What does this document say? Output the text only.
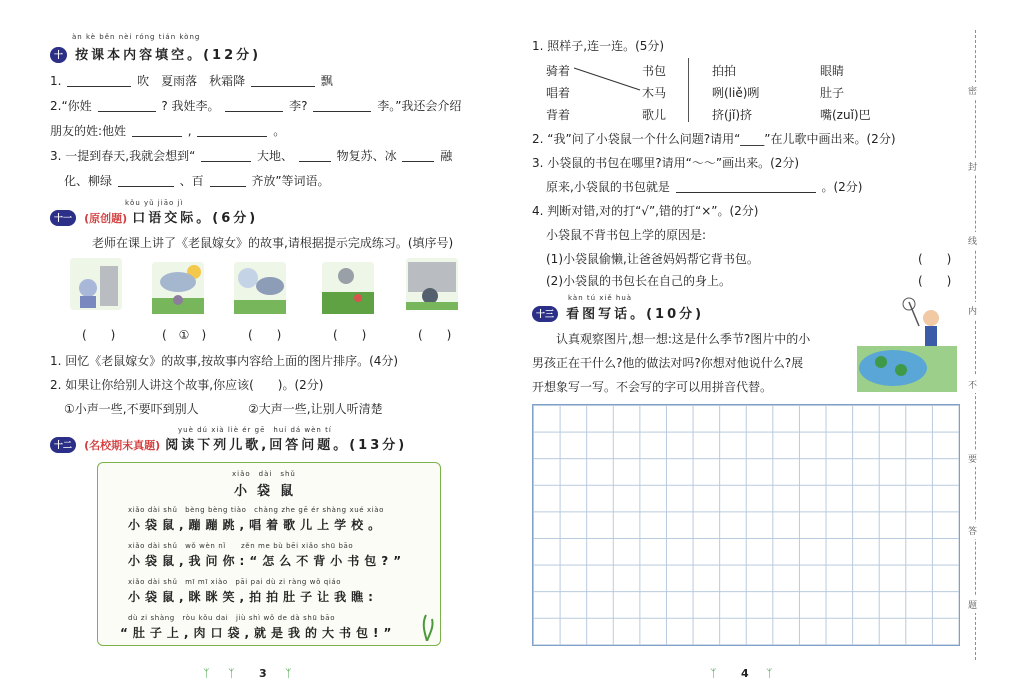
àn kè běn nèi róng tián kòng
十 按课本内容填空。(12分)
1.	吹　夏雨落　秋霜降	飘
2.“你姓	? 我姓李。	李?	李。”我还会介绍
朋友的姓:他姓	,	。
3. 一提到春天,我就会想到“	大地、	物复苏、冰	融
化、柳绿	、百	齐放”等词语。
kǒu yǔ jiāo jì
十一 (原创题) 口语交际。(6分)
老师在课上讲了《老鼠嫁女》的故事,请根据提示完成练习。(填序号)
(　　)	(　①　)	(　　)	(　　)	(　　)
1. 回忆《老鼠嫁女》的故事,按故事内容给上面的图片排序。(4分)
2. 如果让你给别人讲这个故事,你应该(　　)。(2分)
①小声一些,不要吓到别人	②大声一些,让别人听清楚
yuè dú xià liè ér gē　huí dá wèn tí
十二 (名校期末真题) 阅读下列儿歌,回答问题。(13分)
xiǎo　dài　shǔ
小袋鼠
xiǎo dài shǔ　bèng bèng tiào　chàng zhe gē ér shàng xué xiào
小袋鼠,蹦蹦跳,唱着歌儿上学校。
xiǎo dài shǔ　wǒ wèn nǐ　　zěn me bù bēi xiǎo shū bāo
小袋鼠,我问你:“怎么不背小书包?”
xiǎo dài shǔ　mī mī xiào　pāi pai dù zi ràng wǒ qiáo
小袋鼠,眯眯笑,拍拍肚子让我瞧:
dù zi shàng　ròu kǒu dai　jiù shì wǒ de dà shū bāo
“肚子上,肉口袋,就是我的大书包!”
ᛉ ᛉ 3 ᛉ
1. 照样子,连一连。(5分)
骑着
唱着
背着
书包
木马
歌儿
拍拍
咧(liě)咧
挤(jǐ)挤
眼睛
肚子
嘴(zuǐ)巴
2. “我”问了小袋鼠一个什么问题?请用“____”在儿歌中画出来。(2分)
3. 小袋鼠的书包在哪里?请用“～～”画出来。(2分)
原来,小袋鼠的书包就是	。(2分)
4. 判断对错,对的打“√”,错的打“×”。(2分)
小袋鼠不背书包上学的原因是:
(1)小袋鼠偷懒,让爸爸妈妈帮它背书包。	(　　)
(2)小袋鼠的书包长在自己的身上。	(　　)
kàn tú xiě huà
十三 看图写话。(10分)
认真观察图片,想一想:这是什么季节?图片中的小
男孩正在干什么?他的做法对吗?你想对他说什么?展
开想象写一写。不会写的字可以用拼音代替。
密
封
线
内
不
要
答
题
ᛉ 4 ᛉ
